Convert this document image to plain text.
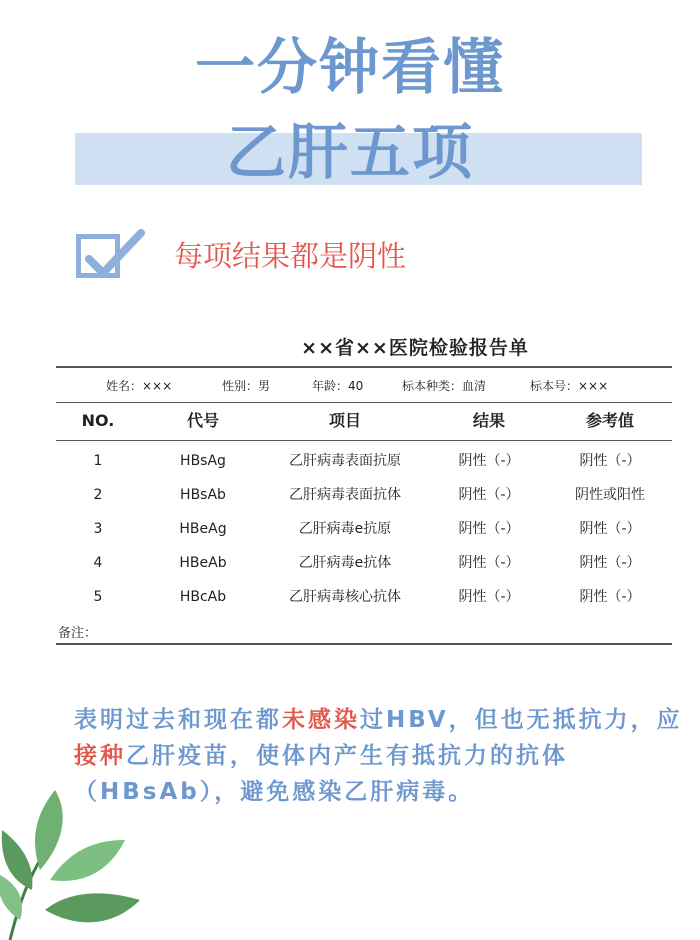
一分钟看懂
乙肝五项
每项结果都是阴性
××省××医院检验报告单
姓名：×××	性别：男	年龄：40	标本种类：血清	标本号：×××
NO.	代号	项目	结果	参考值
1	HBsAg	乙肝病毒表面抗原	阴性（-）	阴性（-）
2	HBsAb	乙肝病毒表面抗体	阴性（-）	阴性或阳性
3	HBeAg	乙肝病毒e抗原	阴性（-）	阴性（-）
4	HBeAb	乙肝病毒e抗体	阴性（-）	阴性（-）
5	HBcAb	乙肝病毒核心抗体	阴性（-）	阴性（-）
备注：
表明过去和现在都未感染过HBV，但也无抵抗力，应接种乙肝疫苗，使体内产生有抵抗力的抗体（HBsAb），避免感染乙肝病毒。
